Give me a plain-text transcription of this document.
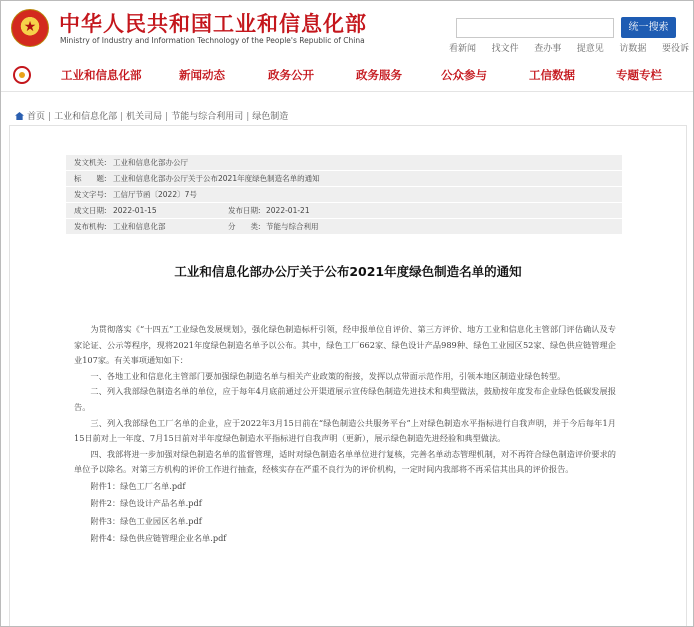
★	中华人民共和国工业和信息化部
Ministry of Industry and Information Technology of the People's Republic of China
统一搜索
看新闻 找文件 查办事 提意见 访数据 要役诉
工业和信息化部	新闻动态	政务公开	政务服务	公众参与	工信数据	专题专栏
首页 | 工业和信息化部 | 机关司局 | 节能与综合利用司 | 绿色制造
发文机关: 工业和信息化部办公厅
标　　题: 工业和信息化部办公厅关于公布2021年度绿色制造名单的通知
发文字号: 工信厅节函〔2022〕7号
成文日期: 2022-01-15	发布日期: 2022-01-21
发布机构: 工业和信息化部	分　　类: 节能与综合利用
工业和信息化部办公厅关于公布2021年度绿色制造名单的通知

为贯彻落实《“十四五”工业绿色发展规划》，强化绿色制造标杆引领，经申报单位自评价、第三方评价、地方工业和信息化主管部门评估确认及专家论证、公示等程序，现将2021年度绿色制造名单予以公布。其中，绿色工厂662家、绿色设计产品989种、绿色工业园区52家、绿色供应链管理企业107家。有关事项通知如下：

一、各地工业和信息化主管部门要加强绿色制造名单与相关产业政策的衔接，发挥以点带面示范作用，引领本地区制造业绿色转型。

二、列入我部绿色制造名单的单位，应于每年4月底前通过公开渠道展示宣传绿色制造先进技术和典型做法，鼓励按年度发布企业绿色低碳发展报告。

三、列入我部绿色工厂名单的企业，应于2022年3月15日前在“绿色制造公共服务平台”上对绿色制造水平指标进行自我声明，并于今后每年1月15日前对上一年度、7月15日前对半年度绿色制造水平指标进行自我声明（更新），展示绿色制造先进经验和典型做法。

四、我部将进一步加强对绿色制造名单的监督管理，适时对绿色制造名单单位进行复核，完善名单动态管理机制，对不再符合绿色制造评价要求的单位予以除名。对第三方机构的评价工作进行抽查，经核实存在严重不良行为的评价机构，一定时间内我部将不再采信其出具的评价报告。

附件1：绿色工厂名单.pdf
附件2：绿色设计产品名单.pdf
附件3：绿色工业园区名单.pdf
附件4：绿色供应链管理企业名单.pdf
